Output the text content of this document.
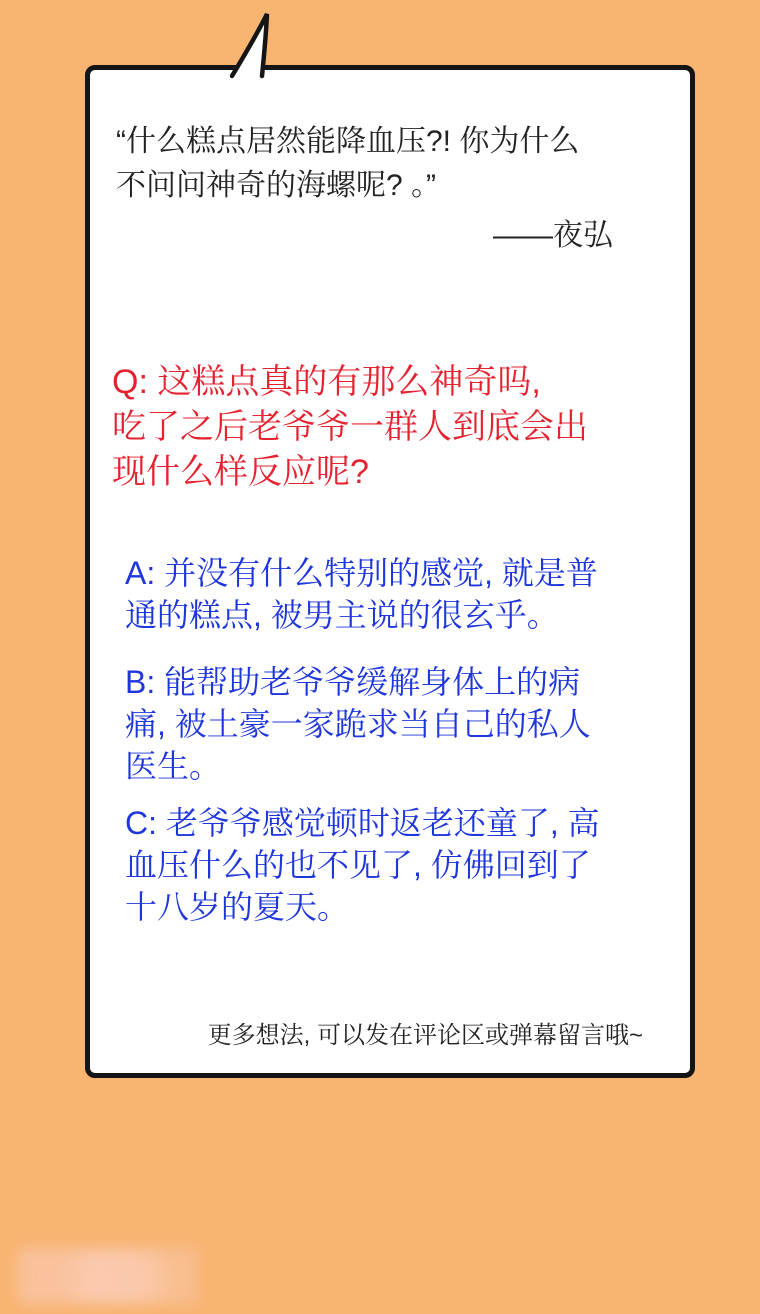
“什么糕点居然能降血压?! 你为什么
不问问神奇的海螺呢? 。”
——夜弘
Q: 这糕点真的有那么神奇吗,
吃了之后老爷爷一群人到底会出
现什么样反应呢?
A: 并没有什么特别的感觉, 就是普
通的糕点, 被男主说的很玄乎。
B: 能帮助老爷爷缓解身体上的病
痛, 被土豪一家跪求当自己的私人
医生。
C: 老爷爷感觉顿时返老还童了, 高
血压什么的也不见了, 仿佛回到了
十八岁的夏天。
更多想法, 可以发在评论区或弹幕留言哦~
